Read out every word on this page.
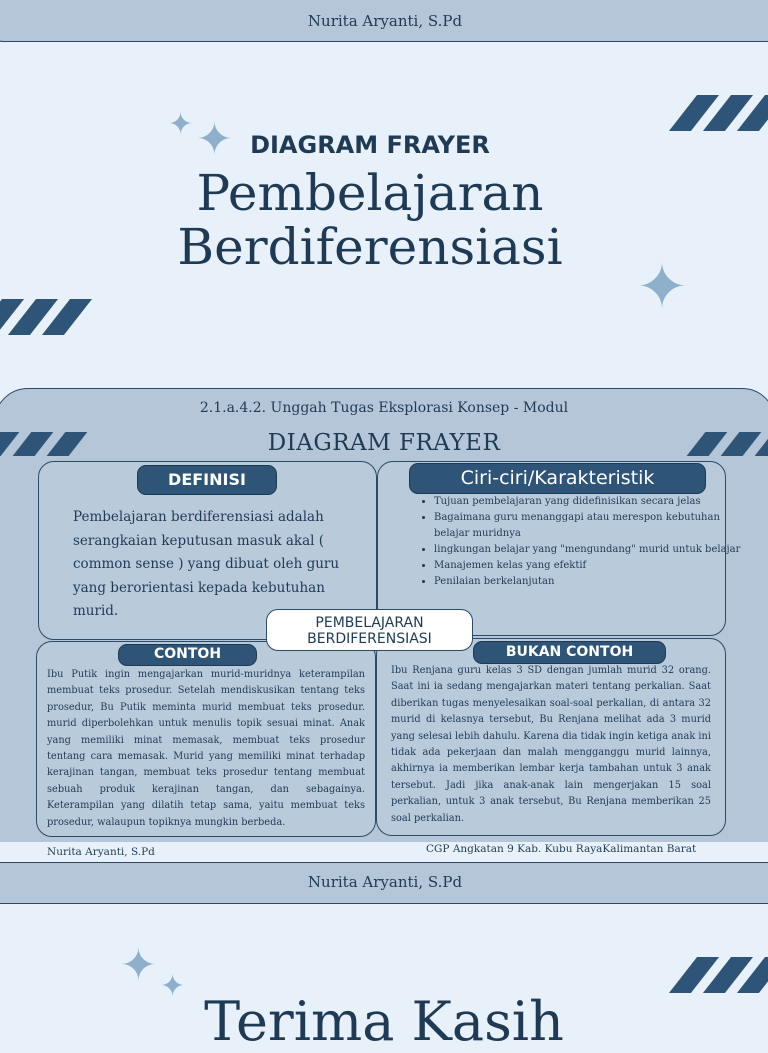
Nurita Aryanti, S.Pd
✦ ✦
✦
DIAGRAM FRAYER
Pembelajaran
Berdiferensiasi
2.1.a.4.2. Unggah Tugas Eksplorasi Konsep - Modul
DIAGRAM FRAYER
DEFINISI	Ciri-ciri/Karakteristik
CONTOH	BUKAN CONTOH
PEMBELAJARAN
BERDIFERENSIASI
Pembelajaran berdiferensiasi adalah serangkaian keputusan masuk akal ( common sense ) yang dibuat oleh guru yang berorientasi kepada kebutuhan murid.
• Tujuan pembelajaran yang didefinisikan secara jelas
• Bagaimana guru menanggapi atau merespon kebutuhan belajar muridnya
• lingkungan belajar yang "mengundang" murid untuk belajar
• Manajemen kelas yang efektif
• Penilaian berkelanjutan
Ibu Putik ingin mengajarkan murid-muridnya keterampilan membuat teks prosedur. Setelah mendiskusikan tentang teks prosedur, Bu Putik meminta murid membuat teks prosedur. murid diperbolehkan untuk menulis topik sesuai minat. Anak yang memiliki minat memasak, membuat teks prosedur tentang cara memasak. Murid yang memiliki minat terhadap kerajinan tangan, membuat teks prosedur tentang membuat sebuah produk kerajinan tangan, dan sebagainya. Keterampilan yang dilatih tetap sama, yaitu membuat teks prosedur, walaupun topiknya mungkin berbeda.
Ibu Renjana guru kelas 3 SD dengan jumlah murid 32 orang. Saat ini ia sedang mengajarkan materi tentang perkalian. Saat diberikan tugas menyelesaikan soal-soal perkalian, di antara 32 murid di kelasnya tersebut, Bu Renjana melihat ada 3 murid yang selesai lebih dahulu. Karena dia tidak ingin ketiga anak ini tidak ada pekerjaan dan malah mengganggu murid lainnya, akhirnya ia memberikan lembar kerja tambahan untuk 3 anak tersebut. Jadi jika anak-anak lain mengerjakan 15 soal perkalian, untuk 3 anak tersebut, Bu Renjana memberikan 25 soal perkalian.
Nurita Aryanti, S.Pd	CGP Angkatan 9 Kab. Kubu RayaKalimantan Barat
Nurita Aryanti, S.Pd
✦ ✦
Terima Kasih
